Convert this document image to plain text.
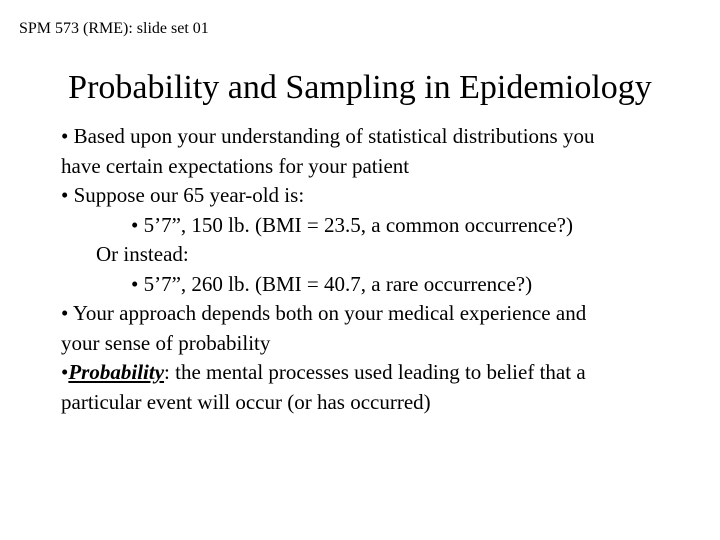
SPM 573 (RME): slide set 01
Probability and Sampling in Epidemiology
• Based upon your understanding of statistical distributions you
have certain expectations for your patient
• Suppose our 65 year-old is:
• 5’7”, 150 lb. (BMI = 23.5, a common occurrence?)
Or instead:
• 5’7”, 260 lb. (BMI = 40.7, a rare occurrence?)
• Your approach depends both on your medical experience and
your sense of probability
•Probability: the mental processes used leading to belief that a
particular event will occur (or has occurred)
